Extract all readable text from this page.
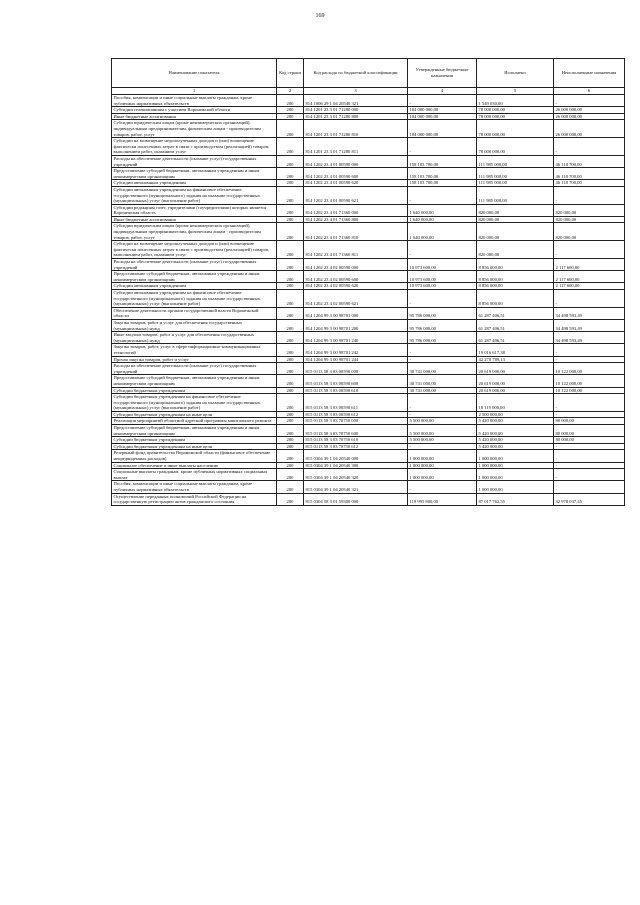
169
Наименование показателя	Код строки	Код расхода по бюджетной классификации	Утвержденные бюджетные назначения	Исполнено	Неисполненные назначения
1	2	3	4	5	6
Пособия, компенсации и иные социальные выплаты гражданам, кроме публичных нормативных обязательств	200	814 1006 29 1 04 20540 321	-	1 549 030,00	-
Субсидии телекомпаниям с участием Воронежской области	200	814 1201 23 3 01 71280 000	104 000 000,00	78 000 000,00	26 000 000,00
Иные бюджетные ассигнования	200	814 1201 23 3 01 71280 800	104 000 000,00	78 000 000,00	26 000 000,00
Субсидии юридическим лицам (кроме некоммерческих организаций), индивидуальным предпринимателям, физическим лицам - производителям товаров, работ, услуг	200	814 1201 23 3 01 71280 810	104 000 000,00	78 000 000,00	26 000 000,00
Субсидии на возмещение недополученных доходов и (или) возмещение фактически понесенных затрат в связи с производством (реализацией) товаров, выполнением работ, оказанием услуг	200	814 1201 23 3 01 71280 811	-	78 000 000,00	-
Расходы на обеспечение деятельности (оказание услуг) государственных учреждений	200	814 1202 23 4 01 00590 000	158 103 700,00	111 985 000,00	46 118 700,00
Предоставление субсидий бюджетным, автономным учреждениям и иным некоммерческим организациям	200	814 1202 23 4 01 00590 600	158 103 700,00	111 985 000,00	46 118 700,00
Субсидии автономным учреждениям	200	814 1202 23 4 01 00590 620	158 103 700,00	111 985 000,00	46 118 700,00
Субсидии автономным учреждениям на финансовое обеспечение государственного (муниципального) задания на оказание государственных (муниципальных) услуг (выполнение работ)	200	814 1202 23 4 01 00590 621	-	111 985 000,00	-
Субсидии редакциям газет, учредителями (соучредителями) которых является Воронежская область	200	814 1202 23 4 01 71360 000	1 640 000,00	820 000,00	820 000,00
Иные бюджетные ассигнования	200	814 1202 23 4 01 71360 800	1 640 000,00	820 000,00	820 000,00
Субсидии юридическим лицам (кроме некоммерческих организаций), индивидуальным предпринимателям, физическим лицам - производителям товаров, работ, услуг	200	814 1202 23 4 01 71360 810	1 640 000,00	820 000,00	820 000,00
Субсидии на возмещение недополученных доходов и (или) возмещение фактически понесенных затрат в связи с производством (реализацией) товаров, выполнением работ, оказанием услуг	200	814 1202 23 4 01 71360 811	-	820 000,00	-
Расходы на обеспечение деятельности (оказание услуг) государственных учреждений	200	814 1202 23 4 02 00590 000	10 973 600,00	8 856 000,00	2 117 600,00
Предоставление субсидий бюджетным, автономным учреждениям и иным некоммерческим организациям	200	814 1202 23 4 02 00590 600	10 973 600,00	8 856 000,00	2 117 600,00
Субсидии автономным учреждениям	200	814 1202 23 4 02 00590 620	10 973 600,00	8 856 000,00	2 117 600,00
Субсидии автономным учреждениям на финансовое обеспечение государственного (муниципального) задания на оказание государственных (муниципальных) услуг (выполнение работ)	200	814 1202 23 4 02 00590 621	-	8 856 000,00	-
Обеспечение деятельности органов государственной власти Воронежской области	200	814 1204 99 3 00 98701 000	95 786 000,00	61 287 406,51	34 498 593,49
Закупка товаров, работ и услуг для обеспечения государственных (муниципальных) нужд	200	814 1204 99 3 00 98701 200	95 786 000,00	61 287 406,51	34 498 593,49
Иные закупки товаров, работ и услуг для обеспечения государственных (муниципальных) нужд	200	814 1204 99 3 00 98701 240	95 786 000,00	61 287 406,51	34 498 593,49
Закупка товаров, работ, услуг в сфере информационно-коммуникационных технологий	200	814 1204 99 3 00 98701 242	-	19 016 617,38	-
Прочая закупка товаров, работ и услуг	200	814 1204 99 3 00 98701 244	-	42 270 789,13	-
Расходы на обеспечение деятельности (оказание услуг) государственных учреждений	200	815 0113 58 3 03 00590 000	30 741 000,00	20 619 000,00	10 122 000,00
Предоставление субсидий бюджетным, автономным учреждениям и иным некоммерческим организациям	200	815 0113 58 3 03 00590 600	30 741 000,00	20 619 000,00	10 122 000,00
Субсидии бюджетным учреждениям	200	815 0113 58 3 03 00590 610	30 741 000,00	20 619 000,00	10 122 000,00
Субсидии бюджетным учреждениям на финансовое обеспечение государственного (муниципального) задания на оказание государственных (муниципальных) услуг (выполнение работ)	200	815 0113 58 3 03 00590 611	-	18 119 000,00	-
Субсидии бюджетным учреждениям на иные цели	200	815 0113 58 3 03 00590 612	-	2 500 000,00	-
Реализация мероприятий областной адресной программы капитального ремонта	200	815 0113 58 3 03 70750 000	5 500 000,00	5 420 000,00	80 000,00
Предоставление субсидий бюджетным, автономным учреждениям и иным некоммерческим организациям	200	815 0113 58 3 03 70750 600	5 500 000,00	5 420 000,00	80 000,00
Субсидии бюджетным учреждениям	200	815 0113 58 3 03 70750 610	5 500 000,00	5 420 000,00	80 000,00
Субсидии бюджетным учреждениям на иные цели	200	815 0113 58 3 03 70750 612	-	5 420 000,00	-
Резервный фонд правительства Воронежской области (финансовое обеспечение непредвиденных расходов)	200	815 0304 39 1 04 20540 000	1 000 000,00	1 000 000,00	-
Социальное обеспечение и иные выплаты населению	200	815 0304 39 1 04 20540 300	1 000 000,00	1 000 000,00	-
Социальные выплаты гражданам, кроме публичных нормативных социальных выплат	200	815 0304 39 1 04 20540 320	1 000 000,00	1 000 000,00	-
Пособия, компенсации и иные социальные выплаты гражданам, кроме публичных нормативных обязательств	200	815 0304 39 1 04 20540 321	-	1 000 000,00	-
Осуществление переданных полномочий Российской Федерации на государственную регистрацию актов гражданского состояния	200	815 0304 58 3 01 59300 000	119 995 800,00	87 017 762,55	32 978 037,45
